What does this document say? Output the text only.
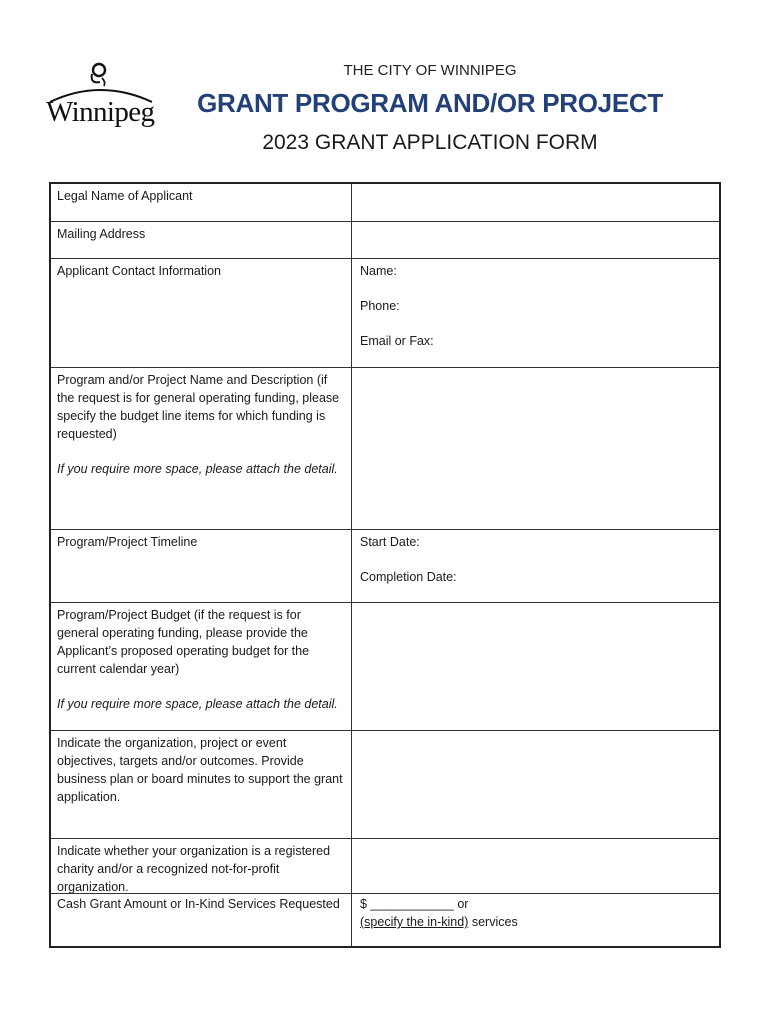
Winnipeg
THE CITY OF WINNIPEG
GRANT PROGRAM AND/OR PROJECT
2023 GRANT APPLICATION FORM
Legal Name of Applicant
Mailing Address
Applicant Contact Information	Name:
Phone:
Email or Fax:
Program and/or Project Name and Description (if the request is for general operating funding, please specify the budget line items for which funding is requested)
If you require more space, please attach the detail.
Program/Project Timeline	Start Date:
Completion Date:
Program/Project Budget (if the request is for general operating funding, please provide the Applicant’s proposed operating budget for the current calendar year)
If you require more space, please attach the detail.
Indicate the organization, project or event objectives, targets and/or outcomes. Provide business plan or board minutes to support the grant application.
Indicate whether your organization is a registered charity and/or a recognized not-for-profit organization.
Cash Grant Amount or In-Kind Services Requested	$ ____________ or
(specify the in-kind) services
